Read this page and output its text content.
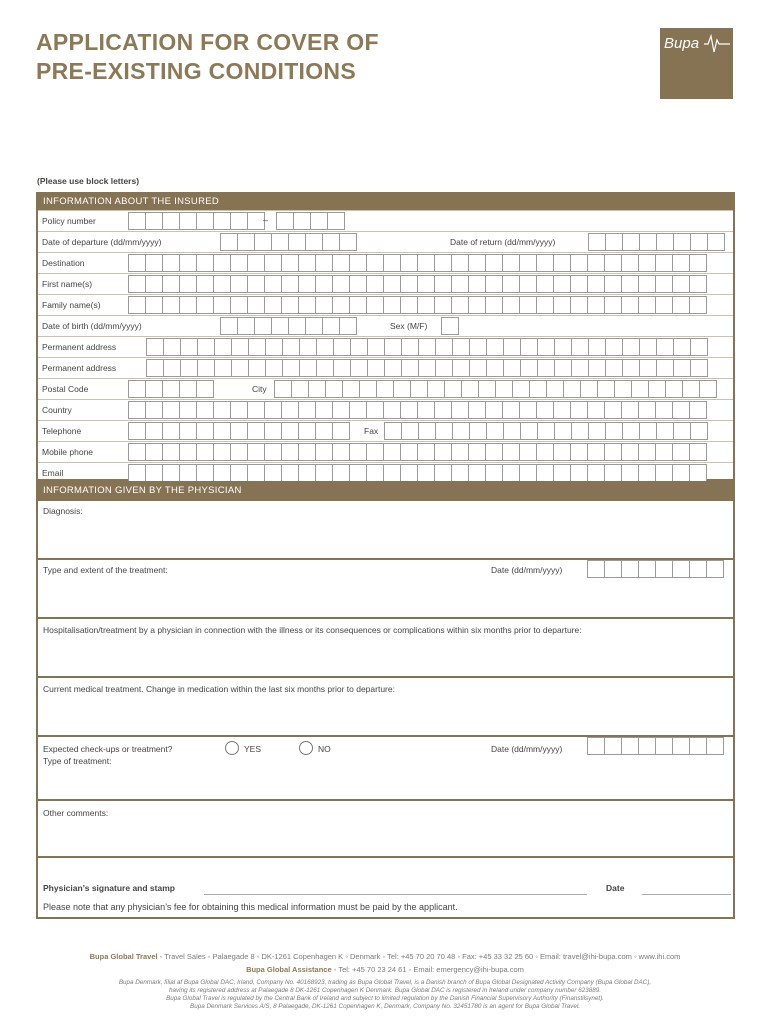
APPLICATION FOR COVER OF
PRE-EXISTING CONDITIONS
Bupa
(Please use block letters)
INFORMATION ABOUT THE INSURED
Policy number	–
Date of departure (dd/mm/yyyy)	Date of return (dd/mm/yyyy)
Destination
First name(s)
Family name(s)
Date of birth (dd/mm/yyyy)	Sex (M/F)
Permanent address
Permanent address
Postal Code	City
Country
Telephone	Fax
Mobile phone
Email
INFORMATION GIVEN BY THE PHYSICIAN
Diagnosis:
Type and extent of the treatment:	Date (dd/mm/yyyy)
Hospitalisation/treatment by a physician in connection with the illness or its consequences or complications within six months prior to departure:
Current medical treatment. Change in medication within the last six months prior to departure:
Expected check-ups or treatment?	YES	NO	Date (dd/mm/yyyy)
Type of treatment:
Other comments:
Physician’s signature and stamp	Date
Please note that any physician’s fee for obtaining this medical information must be paid by the applicant.
Bupa Global Travel ◦ Travel Sales ◦ Palaegade 8 ◦ DK-1261 Copenhagen K ◦ Denmark ◦ Tel: +45 70 20 70 48 ◦ Fax: +45 33 32 25 60 ◦ Email: travel@ihi-bupa.com ◦ www.ihi.com
Bupa Global Assistance ◦ Tel: +45 70 23 24 61 ◦ Email: emergency@ihi-bupa.com
Bupa Denmark, filial af Bupa Global DAC, Irland, Company No. 40168923, trading as Bupa Global Travel, is a Danish branch of Bupa Global Designated Activity Company (Bupa Global DAC),
having its registered address at Palaegade 8 DK-1261 Copenhagen K Denmark. Bupa Global DAC is registered in Ireland under company number 623889.
Bupa Global Travel is regulated by the Central Bank of Ireland and subject to limited regulation by the Danish Financial Supervisory Authority (Finanstilsynet).
Bupa Denmark Services A/S, 8 Palaegade, DK-1261 Copenhagen K, Denmark, Company No. 32451780 is an agent for Bupa Global Travel.
